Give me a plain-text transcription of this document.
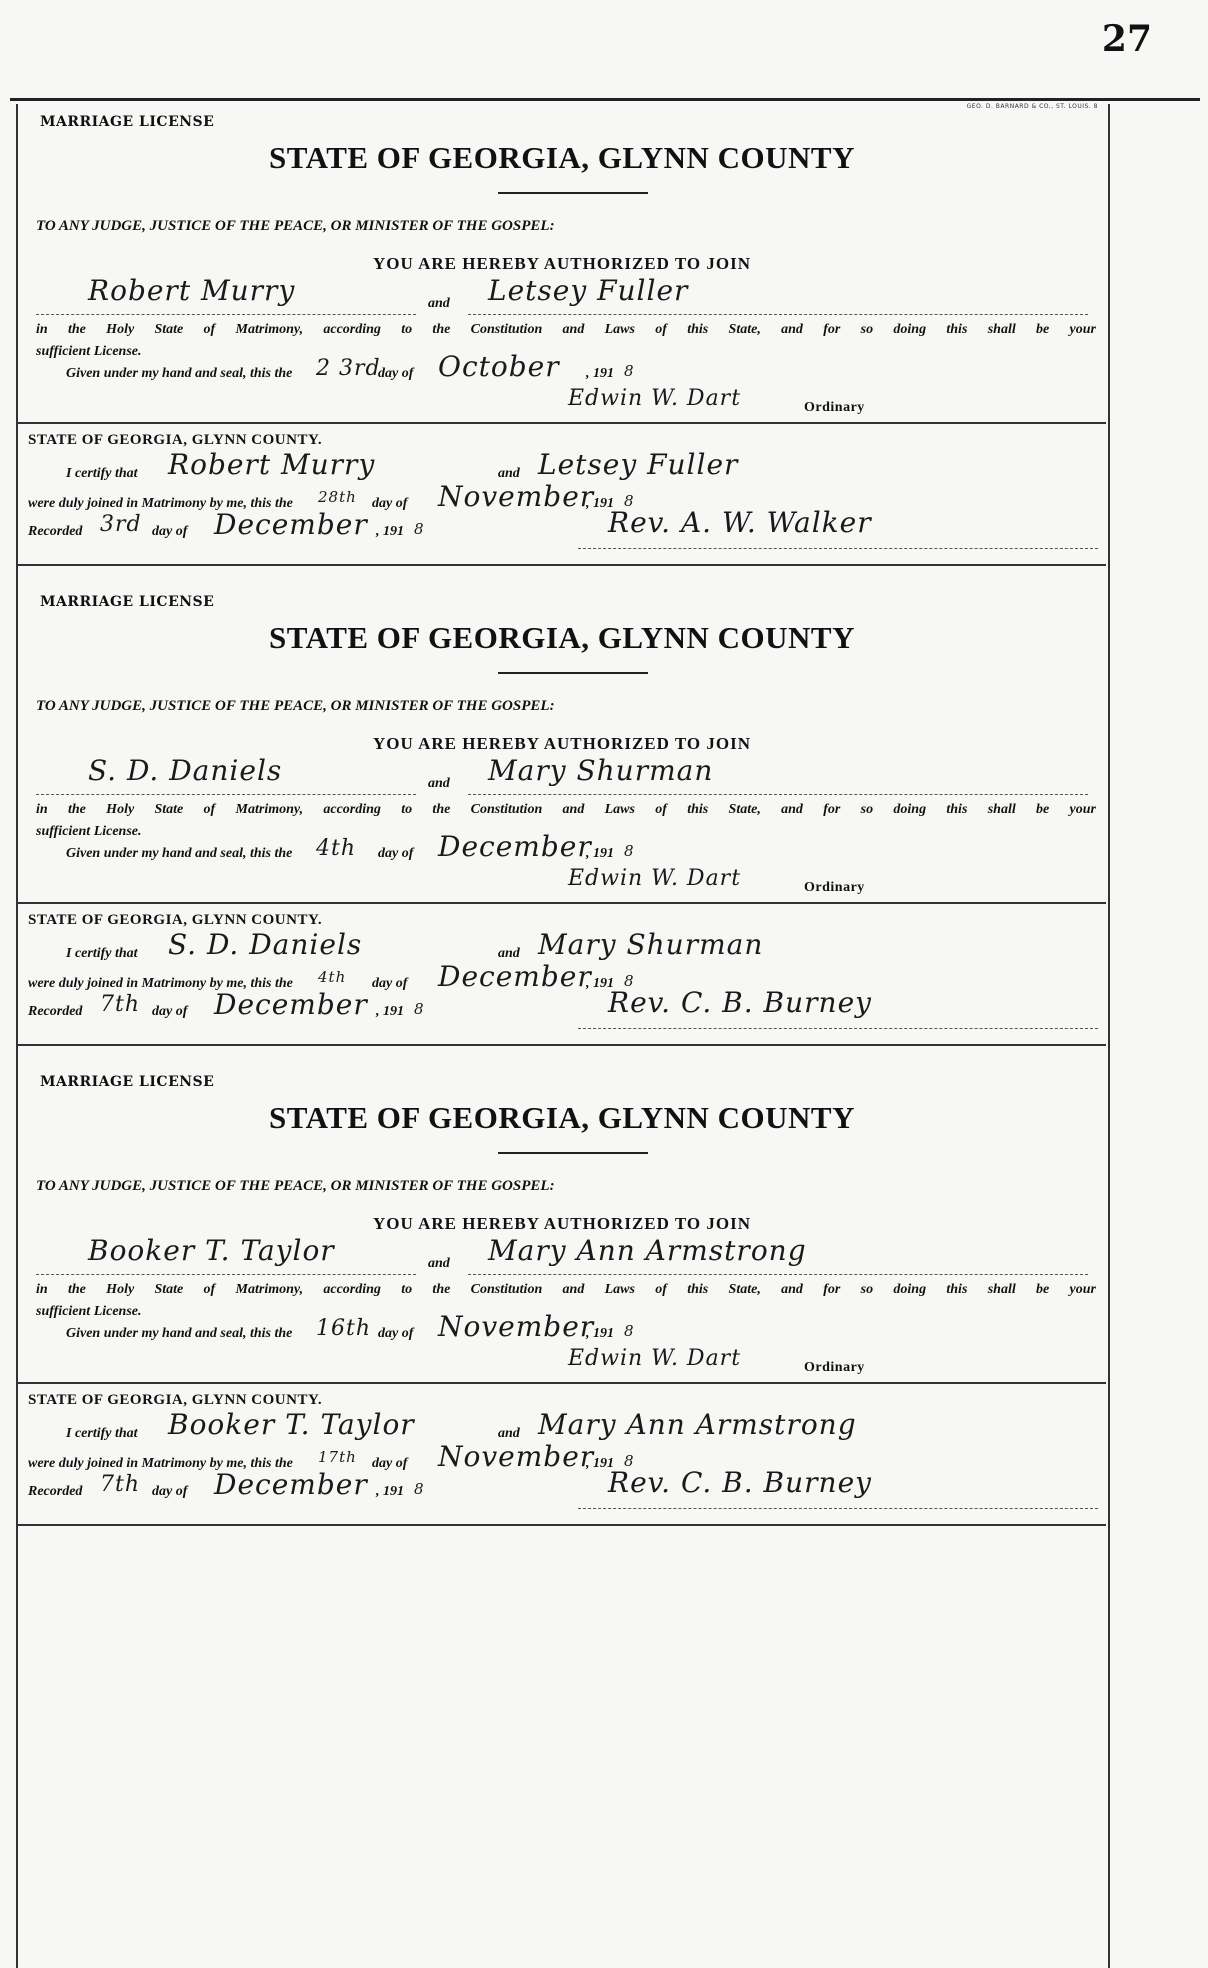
27
GEO. D. BARNARD & CO., ST. LOUIS. 8
MARRIAGE LICENSE
STATE OF GEORGIA, GLYNN COUNTY
TO ANY JUDGE, JUSTICE OF THE PEACE, OR MINISTER OF THE GOSPEL:
YOU ARE HEREBY AUTHORIZED TO JOIN
Robert Murry	and Letsey Fuller
in the Holy State of Matrimony, according to the Constitution and Laws of this State, and for so doing this shall be your
sufficient License.
Given under my hand and seal, this the 2 3rd
day of October , 191 8
Edwin W. Dart	Ordinary
STATE OF GEORGIA, GLYNN COUNTY.
I certify that Robert Murry	and Letsey Fuller
were duly joined in Matrimony by me, this the 28th day of November
, 191 8
Recorded 3rd day of December , 191 8	Rev. A. W. Walker
MARRIAGE LICENSE
STATE OF GEORGIA, GLYNN COUNTY
TO ANY JUDGE, JUSTICE OF THE PEACE, OR MINISTER OF THE GOSPEL:
YOU ARE HEREBY AUTHORIZED TO JOIN
S. D. Daniels	and Mary Shurman
in the Holy State of Matrimony, according to the Constitution and Laws of this State, and for so doing this shall be your
sufficient License.
Given under my hand and seal, this the 4th day of December
, 191 8
Edwin W. Dart	Ordinary
STATE OF GEORGIA, GLYNN COUNTY.
I certify that S. D. Daniels	and Mary Shurman
were duly joined in Matrimony by me, this the 4th day of December
, 191 8
Recorded 7th day of December , 191 8	Rev. C. B. Burney
MARRIAGE LICENSE
STATE OF GEORGIA, GLYNN COUNTY
TO ANY JUDGE, JUSTICE OF THE PEACE, OR MINISTER OF THE GOSPEL:
YOU ARE HEREBY AUTHORIZED TO JOIN
Booker T. Taylor	and Mary Ann Armstrong
in the Holy State of Matrimony, according to the Constitution and Laws of this State, and for so doing this shall be your
sufficient License.
Given under my hand and seal, this the 16th day of November
, 191 8
Edwin W. Dart	Ordinary
STATE OF GEORGIA, GLYNN COUNTY.
I certify that Booker T. Taylor	and Mary Ann Armstrong
were duly joined in Matrimony by me, this the 17th day of November
, 191 8
Recorded 7th day of December , 191 8	Rev. C. B. Burney
